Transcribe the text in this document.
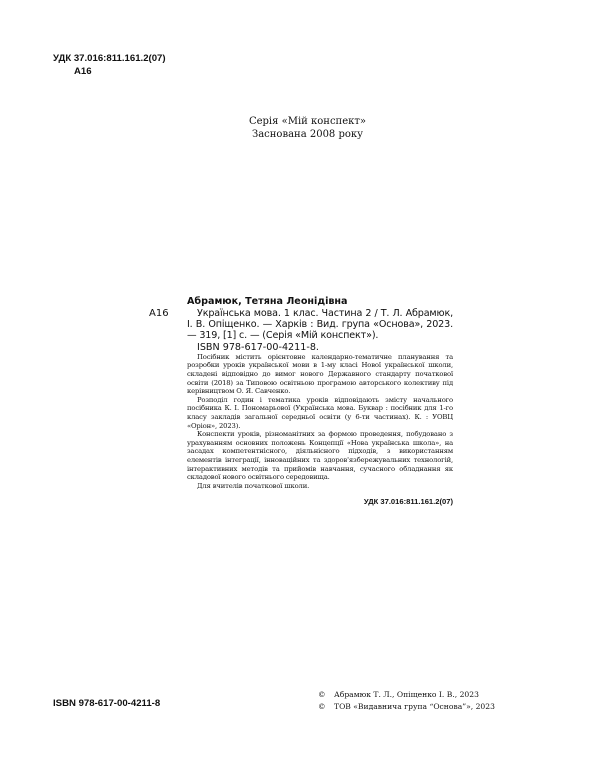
УДК 37.016:811.161.2(07)
А16
Серія «Мій конспект»
Заснована 2008 року
А16
Абрамюк, Тетяна Леонідівна

Українська мова. 1 клас. Частина 2 / Т. Л. Абрамюк, І. В. Опіщенко. — Харків : Вид. група «Основа», 2023. — 319, [1] с. — (Серія «Мій конспект»).

ISBN 978-617-00-4211-8.

Посібник містить орієнтовне календарно-тематичне планування та розробки уроків української мови в 1-му класі Нової української школи, складені відповідно до вимог нового Державного стандарту початкової освіти (2018) за Типовою освітньою програмою авторського колективу під керівництвом О. Я. Савченко.

Розподіл годин і тематика уроків відповідають змісту начального посібника К. І. Пономарьової (Українська мова. Буквар : посібник для 1-го класу закладів загальної середньої освіти (у 6-ти частинах). К. : УОВЦ «Оріон», 2023).

Конспекти уроків, різноманітних за формою проведення, побудовано з урахуванням основних положень Концепції «Нова українська школа», на засадах компетентнісного, діяльнісного підходів, з використанням елементів інтеграції, інноваційних та здоров'язбережувальних технологій, інтерактивних методів та прийомів навчання, сучасного обладнання як складової нового освітнього середовища.

Для вчителів початкової школи.

УДК 37.016:811.161.2(07)
ISBN 978-617-00-4211-8
© Абрамюк Т. Л., Опіщенко І. В., 2023
© ТОВ «Видавнича група “Основа”», 2023
